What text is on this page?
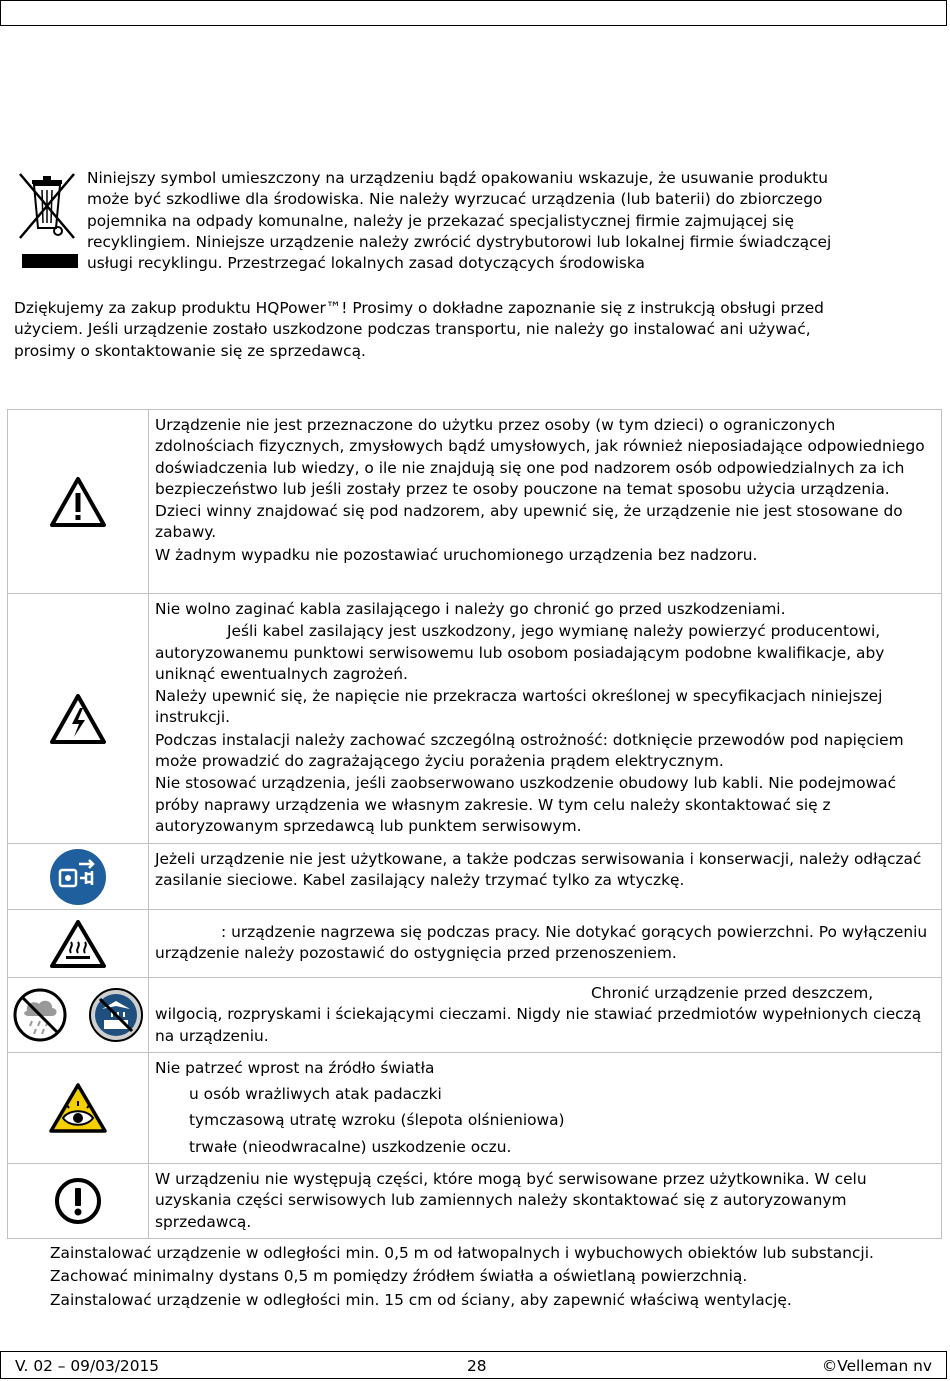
Niniejszy symbol umieszczony na urządzeniu bądź opakowaniu wskazuje, że usuwanie produktu
może być szkodliwe dla środowiska. Nie należy wyrzucać urządzenia (lub baterii) do zbiorczego
pojemnika na odpady komunalne, należy je przekazać specjalistycznej firmie zajmującej się
recyklingiem. Niniejsze urządzenie należy zwrócić dystrybutorowi lub lokalnej firmie świadczącej
usługi recyklingu. Przestrzegać lokalnych zasad dotyczących środowiska
Dziękujemy za zakup produktu HQPower™! Prosimy o dokładne zapoznanie się z instrukcją obsługi przed
użyciem. Jeśli urządzenie zostało uszkodzone podczas transportu, nie należy go instalować ani używać,
prosimy o skontaktowanie się ze sprzedawcą.

Urządzenie nie jest przeznaczone do użytku przez osoby (w tym dzieci) o ograniczonych zdolnościach fizycznych, zmysłowych bądź umysłowych, jak również nieposiadające odpowiedniego doświadczenia lub wiedzy, o ile nie znajdują się one pod nadzorem osób odpowiedzialnych za ich bezpieczeństwo lub jeśli zostały przez te osoby pouczone na temat sposobu użycia urządzenia.

Dzieci winny znajdować się pod nadzorem, aby upewnić się, że urządzenie nie jest stosowane do zabawy.

W żadnym wypadku nie pozostawiać uruchomionego urządzenia bez nadzoru.

Nie wolno zaginać kabla zasilającego i należy go chronić go przed uszkodzeniami.

Jeśli kabel zasilający jest uszkodzony, jego wymianę należy powierzyć producentowi, autoryzowanemu punktowi serwisowemu lub osobom posiadającym podobne kwalifikacje, aby uniknąć ewentualnych zagrożeń.

Należy upewnić się, że napięcie nie przekracza wartości określonej w specyfikacjach niniejszej instrukcji.

Podczas instalacji należy zachować szczególną ostrożność: dotknięcie przewodów pod napięciem może prowadzić do zagrażającego życiu porażenia prądem elektrycznym.

Nie stosować urządzenia, jeśli zaobserwowano uszkodzenie obudowy lub kabli. Nie podejmować próby naprawy urządzenia we własnym zakresie. W tym celu należy skontaktować się z autoryzowanym sprzedawcą lub punktem serwisowym.

Jeżeli urządzenie nie jest użytkowane, a także podczas serwisowania i konserwacji, należy odłączać zasilanie sieciowe. Kabel zasilający należy trzymać tylko za wtyczkę.

: urządzenie nagrzewa się podczas pracy. Nie dotykać gorących powierzchni. Po wyłączeniu urządzenie należy pozostawić do ostygnięcia przed przenoszeniem.

Chronić urządzenie przed deszczem, wilgocią, rozpryskami i ściekającymi cieczami. Nigdy nie stawiać przedmiotów wypełnionych cieczą na urządzeniu.

Nie patrzeć wprost na źródło światła

u osób wrażliwych atak padaczki

tymczasową utratę wzroku (ślepota olśnieniowa)

trwałe (nieodwracalne) uszkodzenie oczu.

W urządzeniu nie występują części, które mogą być serwisowane przez użytkownika. W celu uzyskania części serwisowych lub zamiennych należy skontaktować się z autoryzowanym sprzedawcą.

Zainstalować urządzenie w odległości min. 0,5 m od łatwopalnych i wybuchowych obiektów lub substancji.

Zachować minimalny dystans 0,5 m pomiędzy źródłem światła a oświetlaną powierzchnią.

Zainstalować urządzenie w odległości min. 15 cm od ściany, aby zapewnić właściwą wentylację.

V. 02 – 09/03/2015	28	©Velleman nv
